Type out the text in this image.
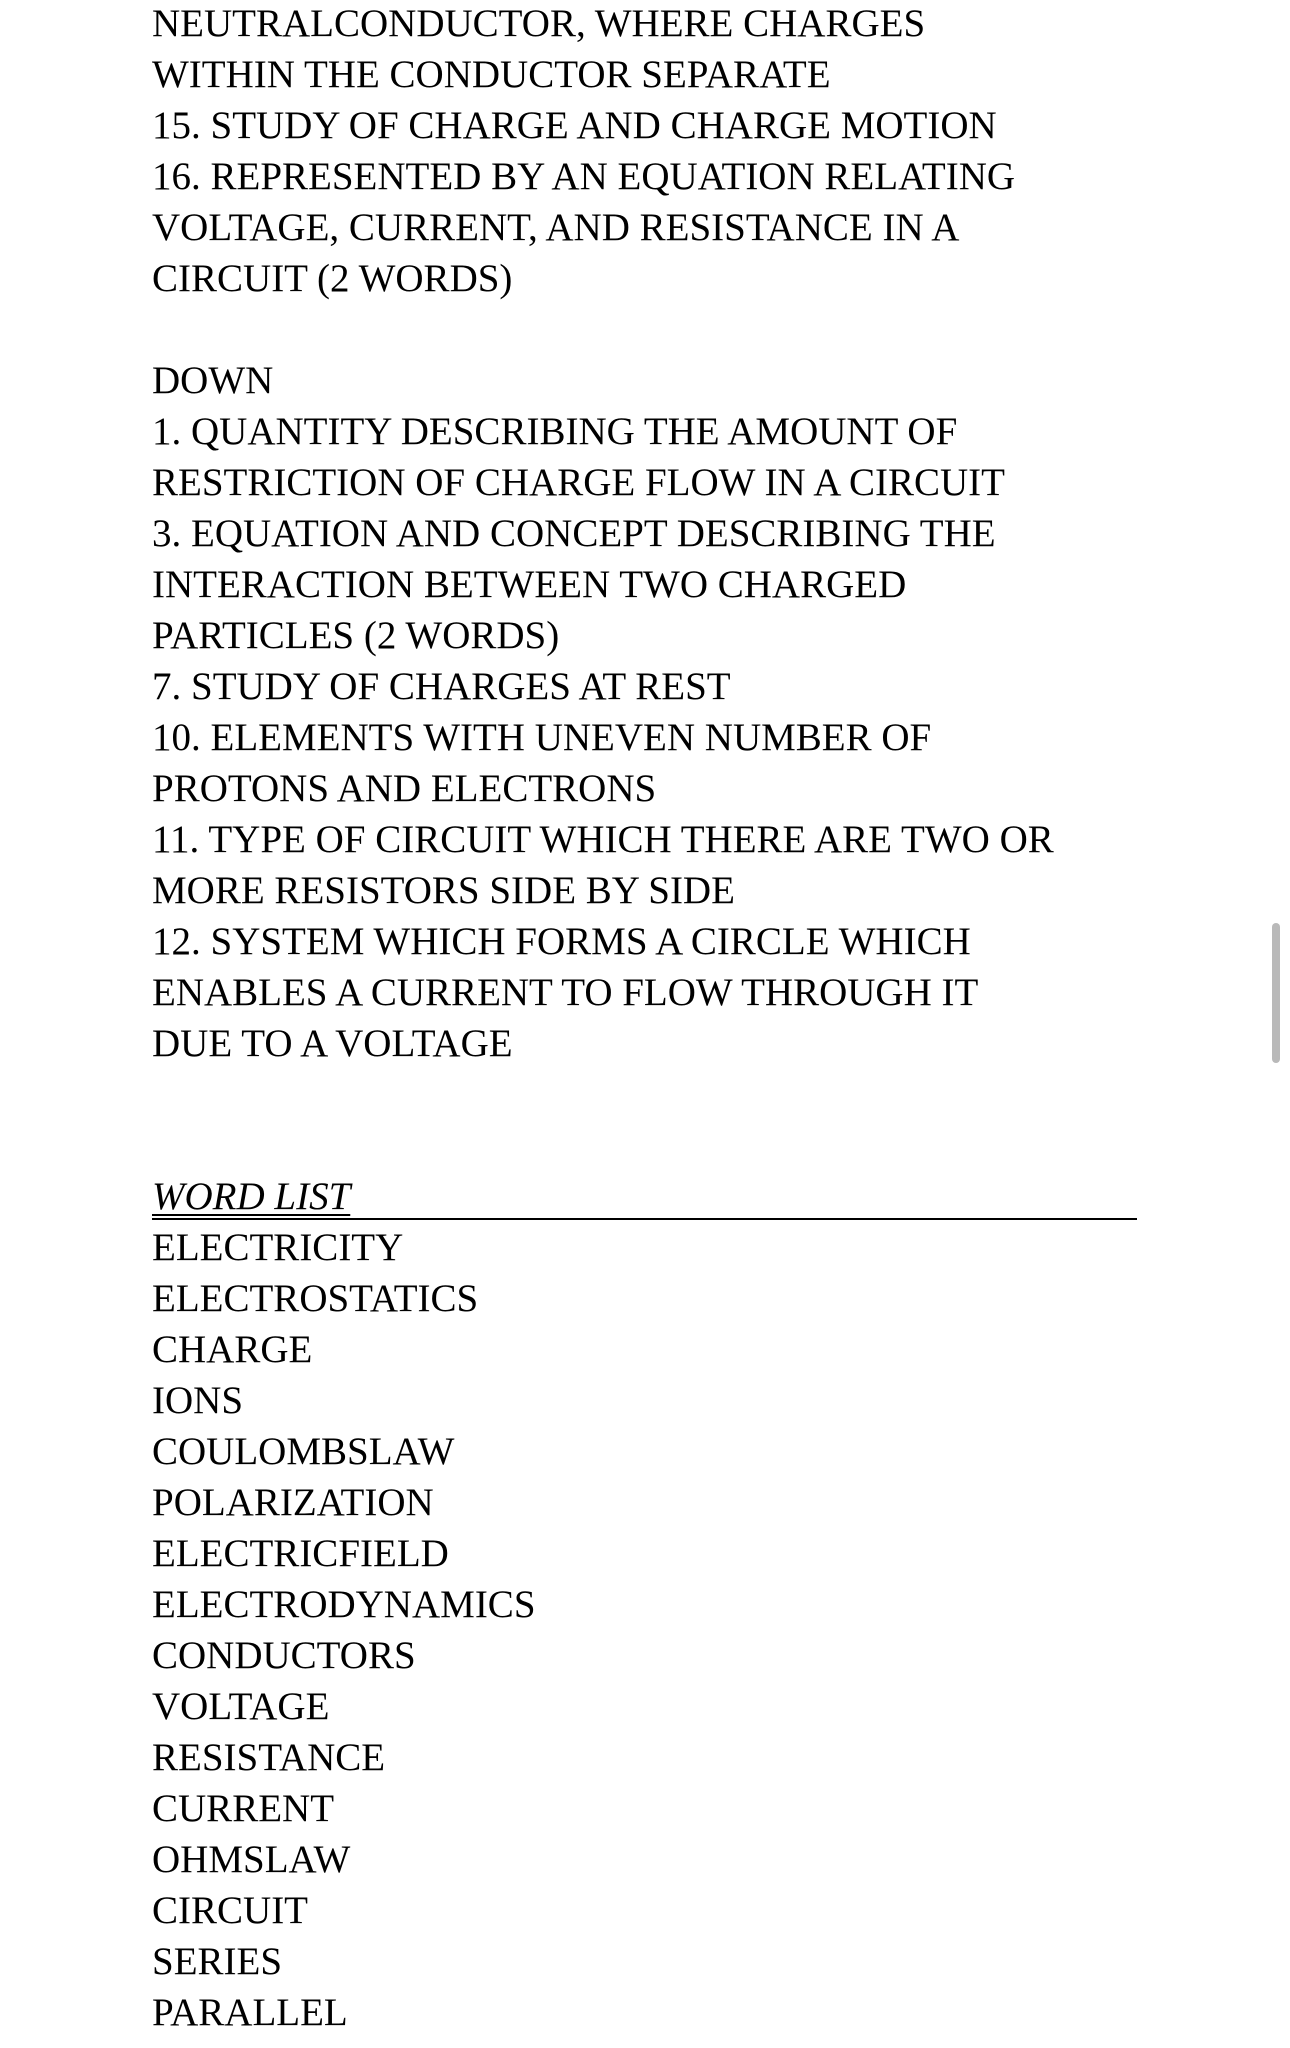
NEUTRALCONDUCTOR, WHERE CHARGES

WITHIN THE CONDUCTOR SEPARATE

15. STUDY OF CHARGE AND CHARGE MOTION

16. REPRESENTED BY AN EQUATION RELATING

VOLTAGE, CURRENT, AND RESISTANCE IN A

CIRCUIT (2 WORDS)

DOWN

1. QUANTITY DESCRIBING THE AMOUNT OF

RESTRICTION OF CHARGE FLOW IN A CIRCUIT

3. EQUATION AND CONCEPT DESCRIBING THE

INTERACTION BETWEEN TWO CHARGED

PARTICLES (2 WORDS)

7. STUDY OF CHARGES AT REST

10. ELEMENTS WITH UNEVEN NUMBER OF

PROTONS AND ELECTRONS

11. TYPE OF CIRCUIT WHICH THERE ARE TWO OR

MORE RESISTORS SIDE BY SIDE

12. SYSTEM WHICH FORMS A CIRCLE WHICH

ENABLES A CURRENT TO FLOW THROUGH IT

DUE TO A VOLTAGE

WORD LIST

ELECTRICITY

ELECTROSTATICS

CHARGE

IONS

COULOMBSLAW

POLARIZATION

ELECTRICFIELD

ELECTRODYNAMICS

CONDUCTORS

VOLTAGE

RESISTANCE

CURRENT

OHMSLAW

CIRCUIT

SERIES

PARALLEL
